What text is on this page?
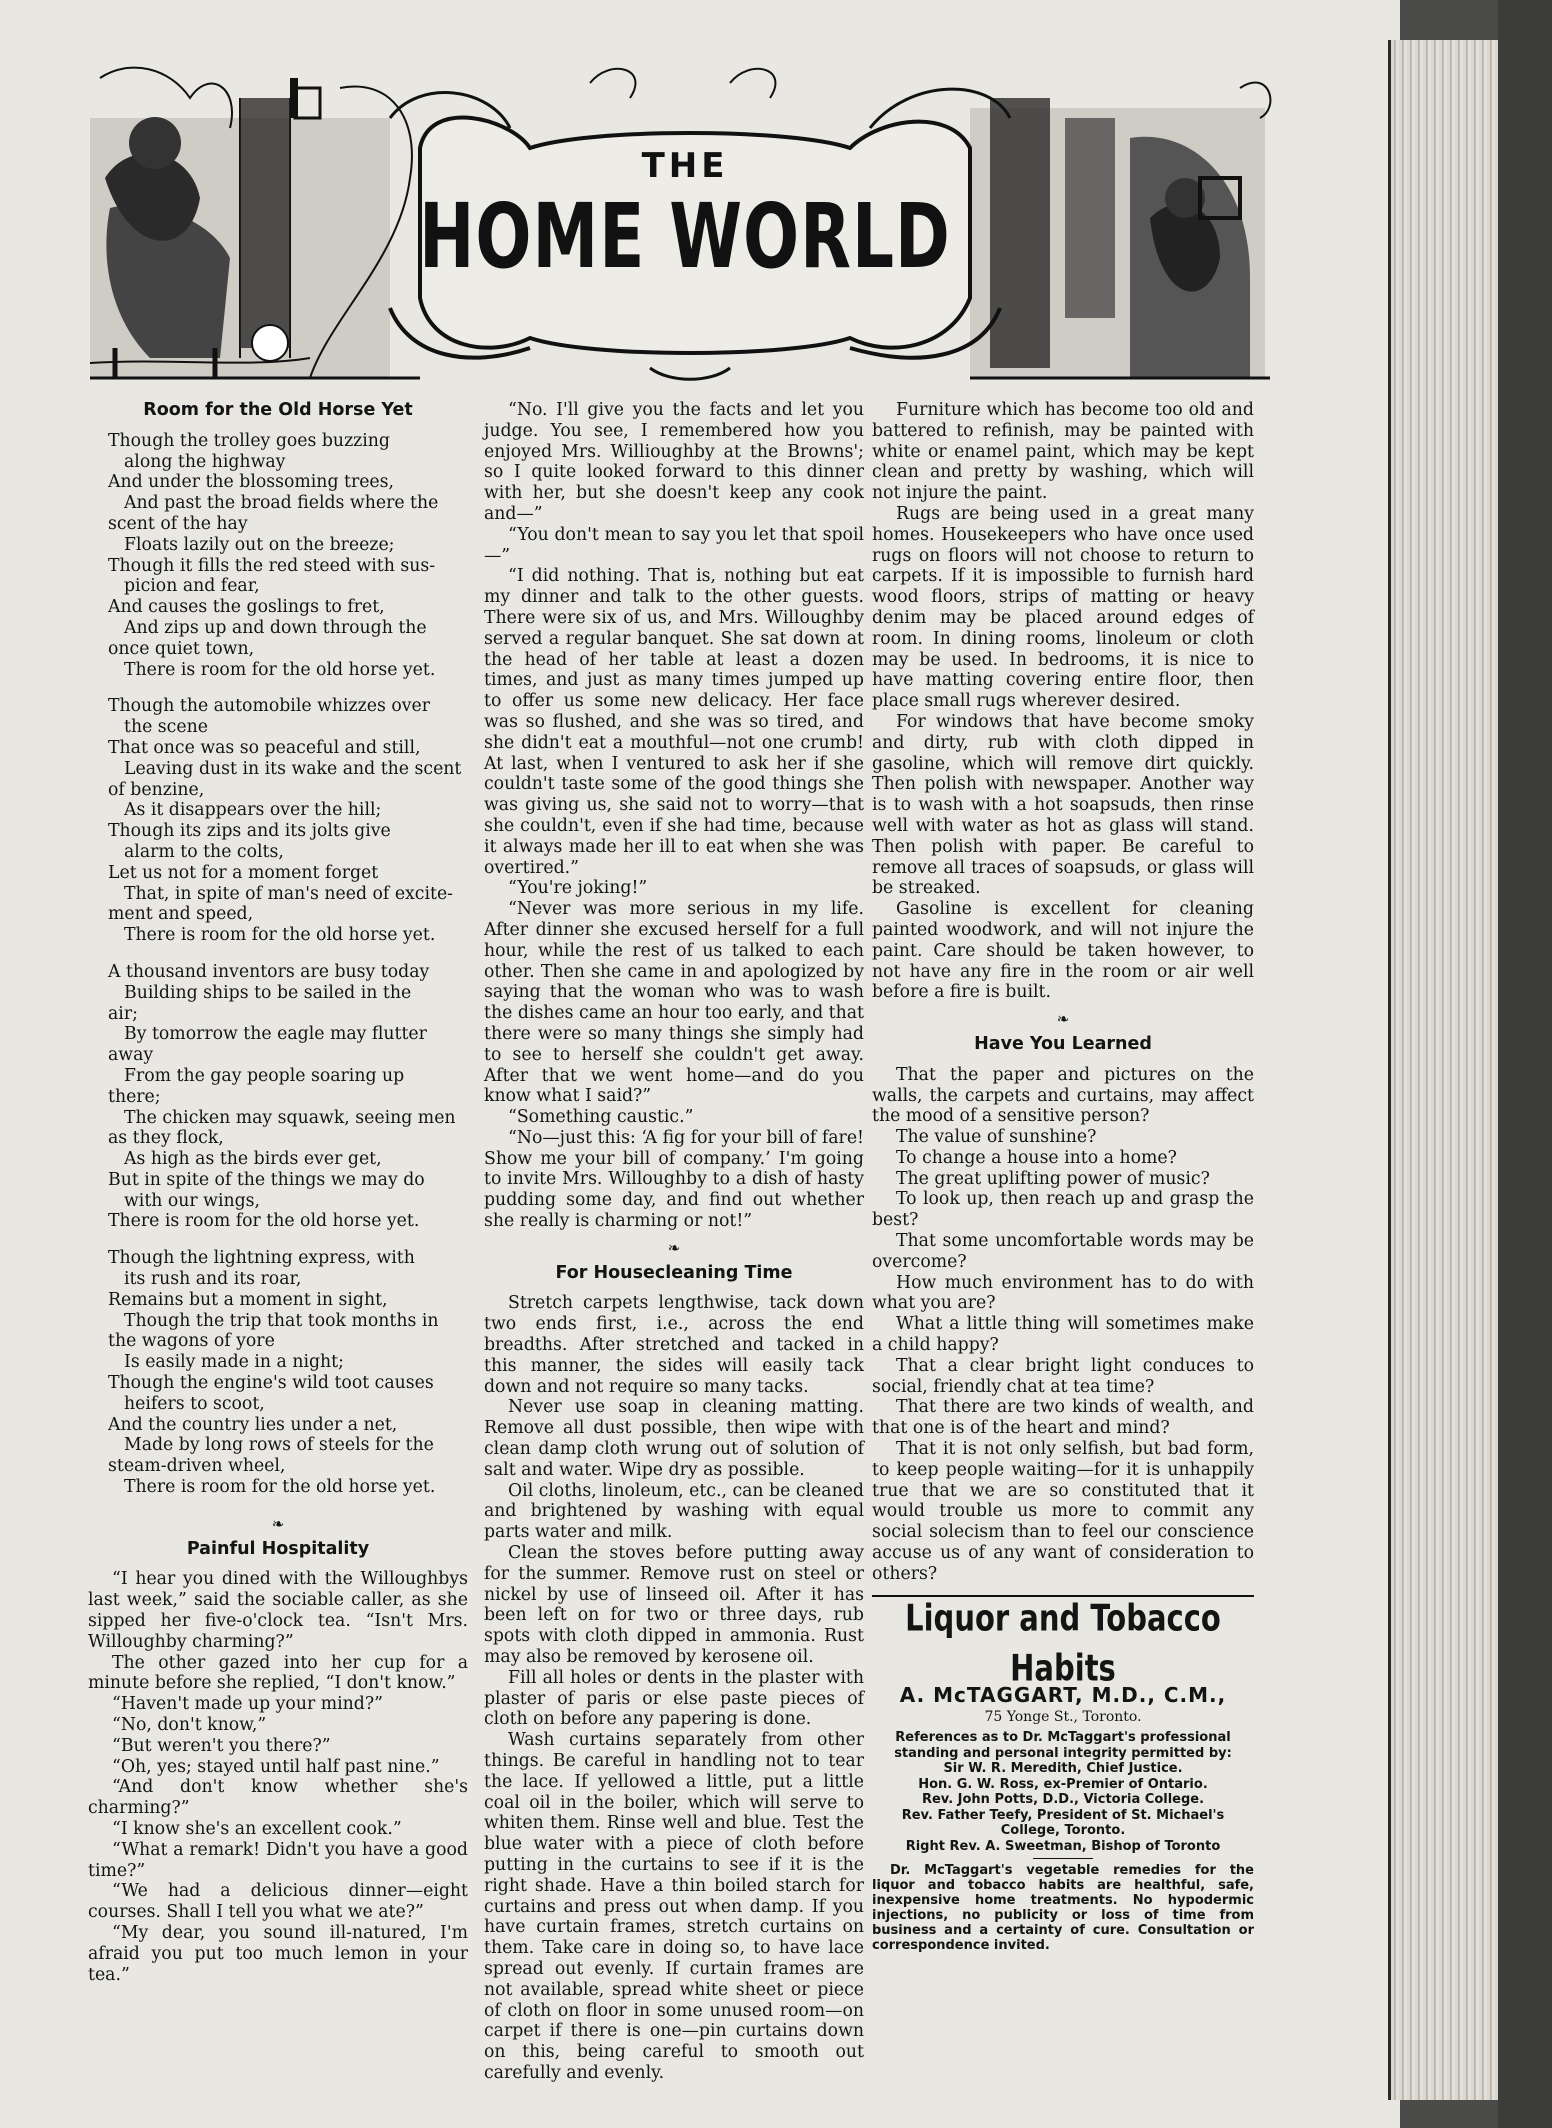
THE
HOME WORLD
Room for the Old Horse Yet
Though the trolley goes buzzing
along the highway
And under the blossoming trees,
And past the broad fields where the
scent of the hay
Floats lazily out on the breeze;
Though it fills the red steed with sus-
picion and fear,
And causes the goslings to fret,
And zips up and down through the
once quiet town,
There is room for the old horse yet.
Though the automobile whizzes over
the scene
That once was so peaceful and still,
Leaving dust in its wake and the scent
of benzine,
As it disappears over the hill;
Though its zips and its jolts give
alarm to the colts,
Let us not for a moment forget
That, in spite of man's need of excite-
ment and speed,
There is room for the old horse yet.
A thousand inventors are busy today
Building ships to be sailed in the
air;
By tomorrow the eagle may flutter
away
From the gay people soaring up
there;
The chicken may squawk, seeing men
as they flock,
As high as the birds ever get,
But in spite of the things we may do
with our wings,
There is room for the old horse yet.
Though the lightning express, with
its rush and its roar,
Remains but a moment in sight,
Though the trip that took months in
the wagons of yore
Is easily made in a night;
Though the engine's wild toot causes
heifers to scoot,
And the country lies under a net,
Made by long rows of steels for the
steam-driven wheel,
There is room for the old horse yet.
❧
Painful Hospitality

“I hear you dined with the Willoughbys last week,” said the sociable caller, as she sipped her five-o'clock tea. “Isn't Mrs. Willoughby charming?”

The other gazed into her cup for a minute before she replied, “I don't know.”

“Haven't made up your mind?”

“No, don't know,”

“But weren't you there?”

“Oh, yes; stayed until half past nine.”

“And don't know whether she's charming?”

“I know she's an excellent cook.”

“What a remark! Didn't you have a good time?”

“We had a delicious dinner—eight courses. Shall I tell you what we ate?”

“My dear, you sound ill-natured, I'm afraid you put too much lemon in your tea.”

“No. I'll give you the facts and let you judge. You see, I remembered how you enjoyed Mrs. Willioughby at the Browns'; so I quite looked forward to this dinner with her, but she doesn't keep any cook and—”

“You don't mean to say you let that spoil—”

“I did nothing. That is, nothing but eat my dinner and talk to the other guests. There were six of us, and Mrs. Willoughby served a regular banquet. She sat down at the head of her table at least a dozen times, and just as many times jumped up to offer us some new delicacy. Her face was so flushed, and she was so tired, and she didn't eat a mouthful—not one crumb! At last, when I ventured to ask her if she couldn't taste some of the good things she was giving us, she said not to worry—that she couldn't, even if she had time, because it always made her ill to eat when she was overtired.”

“You're joking!”

“Never was more serious in my life. After dinner she excused herself for a full hour, while the rest of us talked to each other. Then she came in and apologized by saying that the woman who was to wash the dishes came an hour too early, and that there were so many things she simply had to see to herself she couldn't get away. After that we went home—and do you know what I said?”

“Something caustic.”

“No—just this: ‘A fig for your bill of fare! Show me your bill of company.’ I'm going to invite Mrs. Willoughby to a dish of hasty pudding some day, and find out whether she really is charming or not!”

❧
For Housecleaning Time

Stretch carpets lengthwise, tack down two ends first, i.e., across the end breadths. After stretched and tacked in this manner, the sides will easily tack down and not require so many tacks.

Never use soap in cleaning matting. Remove all dust possible, then wipe with clean damp cloth wrung out of solution of salt and water. Wipe dry as possible.

Oil cloths, linoleum, etc., can be cleaned and brightened by washing with equal parts water and milk.

Clean the stoves before putting away for the summer. Remove rust on steel or nickel by use of linseed oil. After it has been left on for two or three days, rub spots with cloth dipped in ammonia. Rust may also be removed by kerosene oil.

Fill all holes or dents in the plaster with plaster of paris or else paste pieces of cloth on before any papering is done.

Wash curtains separately from other things. Be careful in handling not to tear the lace. If yellowed a little, put a little coal oil in the boiler, which will serve to whiten them. Rinse well and blue. Test the blue water with a piece of cloth before putting in the curtains to see if it is the right shade. Have a thin boiled starch for curtains and press out when damp. If you have curtain frames, stretch curtains on them. Take care in doing so, to have lace spread out evenly. If curtain frames are not available, spread white sheet or piece of cloth on floor in some unused room—on carpet if there is one—pin curtains down on this, being careful to smooth out carefully and evenly.

Furniture which has become too old and battered to refinish, may be painted with white or enamel paint, which may be kept clean and pretty by washing, which will not injure the paint.

Rugs are being used in a great many homes. Housekeepers who have once used rugs on floors will not choose to return to carpets. If it is impossible to furnish hard wood floors, strips of matting or heavy denim may be placed around edges of room. In dining rooms, linoleum or cloth may be used. In bedrooms, it is nice to have matting covering entire floor, then place small rugs wherever desired.

For windows that have become smoky and dirty, rub with cloth dipped in gasoline, which will remove dirt quickly. Then polish with newspaper. Another way is to wash with a hot soapsuds, then rinse well with water as hot as glass will stand. Then polish with paper. Be careful to remove all traces of soapsuds, or glass will be streaked.

Gasoline is excellent for cleaning painted woodwork, and will not injure the paint. Care should be taken however, to not have any fire in the room or air well before a fire is built.

❧
Have You Learned

That the paper and pictures on the walls, the carpets and curtains, may affect the mood of a sensitive person?

The value of sunshine?

To change a house into a home?

The great uplifting power of music?

To look up, then reach up and grasp the best?

That some uncomfortable words may be overcome?

How much environment has to do with what you are?

What a little thing will sometimes make a child happy?

That a clear bright light conduces to social, friendly chat at tea time?

That there are two kinds of wealth, and that one is of the heart and mind?

That it is not only selfish, but bad form, to keep people waiting—for it is unhappily true that we are so constituted that it would trouble us more to commit any social solecism than to feel our conscience accuse us of any want of consideration to others?

Liquor and Tobacco Habits
A. McTAGGART, M.D., C.M.,
75 Yonge St., Toronto.
References as to Dr. McTaggart's professional
standing and personal integrity permitted by:
Sir W. R. Meredith, Chief Justice.
Hon. G. W. Ross, ex-Premier of Ontario.
Rev. John Potts, D.D., Victoria College.
Rev. Father Teefy, President of St. Michael's
College, Toronto.
Right Rev. A. Sweetman, Bishop of Toronto
Dr. McTaggart's vegetable remedies for the liquor and tobacco habits are healthful, safe, inexpensive home treatments. No hypodermic injections, no publicity or loss of time from business and a certainty of cure. Consultation or correspondence invited.
